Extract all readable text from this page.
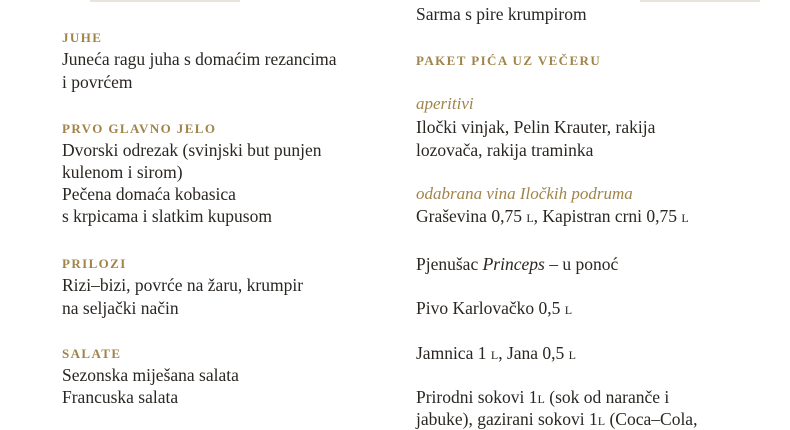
JUHE
Juneća ragu juha s domaćim rezancima
i povrćem
PRVO GLAVNO JELO
Dvorski odrezak (svinjski but punjen
kulenom i sirom)
Pečena domaća kobasica
s krpicama i slatkim kupusom
PRILOZI
Rizi–bizi, povrće na žaru, krumpir
na seljački način
SALATE
Sezonska miješana salata
Francuska salata
Sarma s pire krumpirom
PAKET PIĆA UZ VEČERU
aperitivi
Iločki vinjak, Pelin Krauter, rakija
lozovača, rakija traminka
odabrana vina Iločkih podruma
Graševina 0,75 l, Kapistran crni 0,75 l
Pjenušac Princeps – u ponoć
Pivo Karlovačko 0,5 l
Jamnica 1 l, Jana 0,5 l
Prirodni sokovi 1l (sok od naranče i
jabuke), gazirani sokovi 1l (Coca–Cola,
